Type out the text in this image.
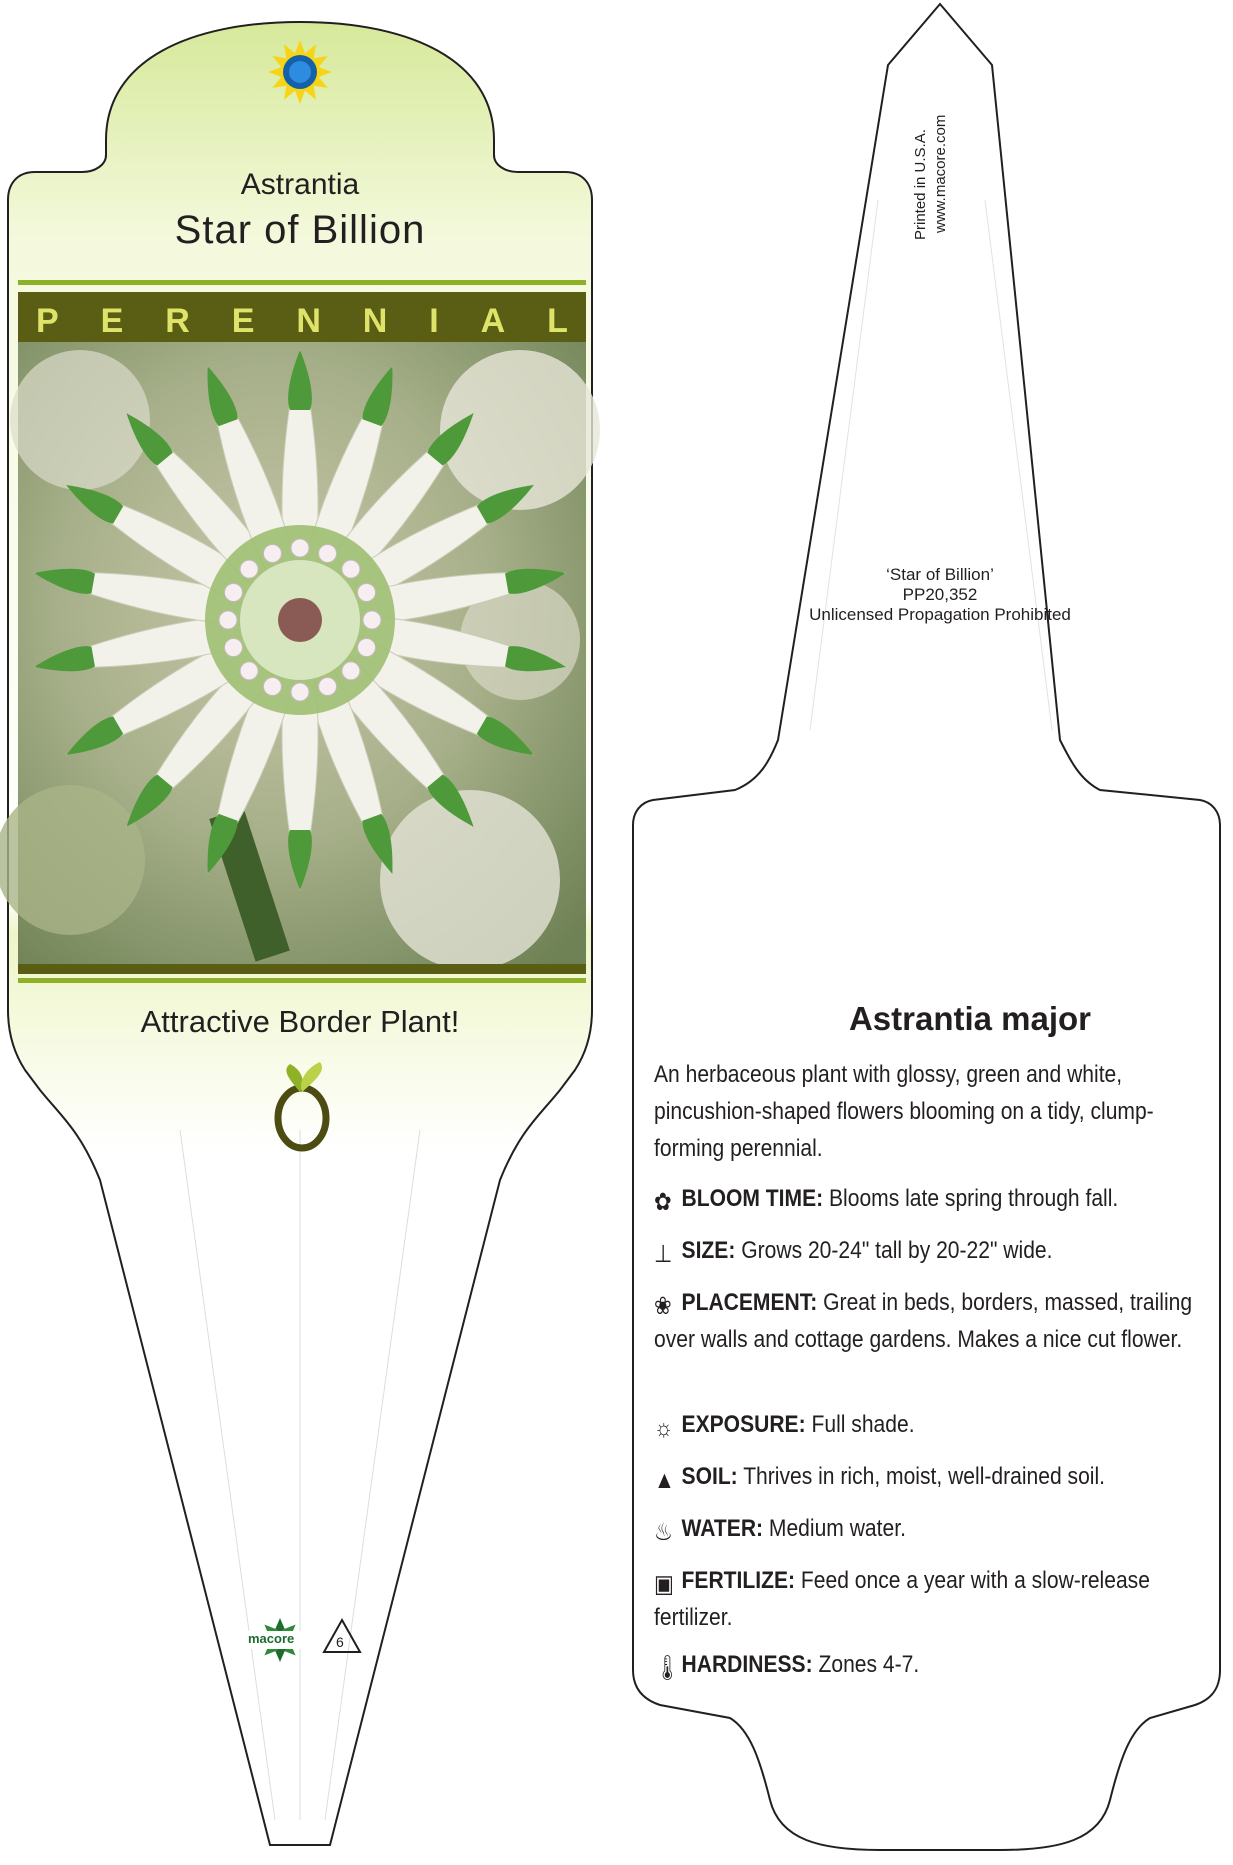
Astrantia
Star of Billion
P E R E N N I A L
Attractive Border Plant!
macore	6
Printed in U.S.A. www.macore.com
‘Star of Billion’
PP20,352
Unlicensed Propagation Prohibited
Astrantia major
An herbaceous plant with glossy, green and white, pincushion-shaped flowers blooming on a tidy, clump-forming perennial.
✿ BLOOM TIME: Blooms late spring through fall.
⊥ SIZE: Grows 20-24" tall by 20-22" wide.
❀ PLACEMENT: Great in beds, borders, massed, trailing over walls and cottage gardens. Makes a nice cut flower.
☼ EXPOSURE: Full shade.
▲ SOIL: Thrives in rich, moist, well-drained soil.
♨ WATER: Medium water.
▣ FERTILIZE: Feed once a year with a slow-release fertilizer.
🌡HARDINESS: Zones 4-7.
